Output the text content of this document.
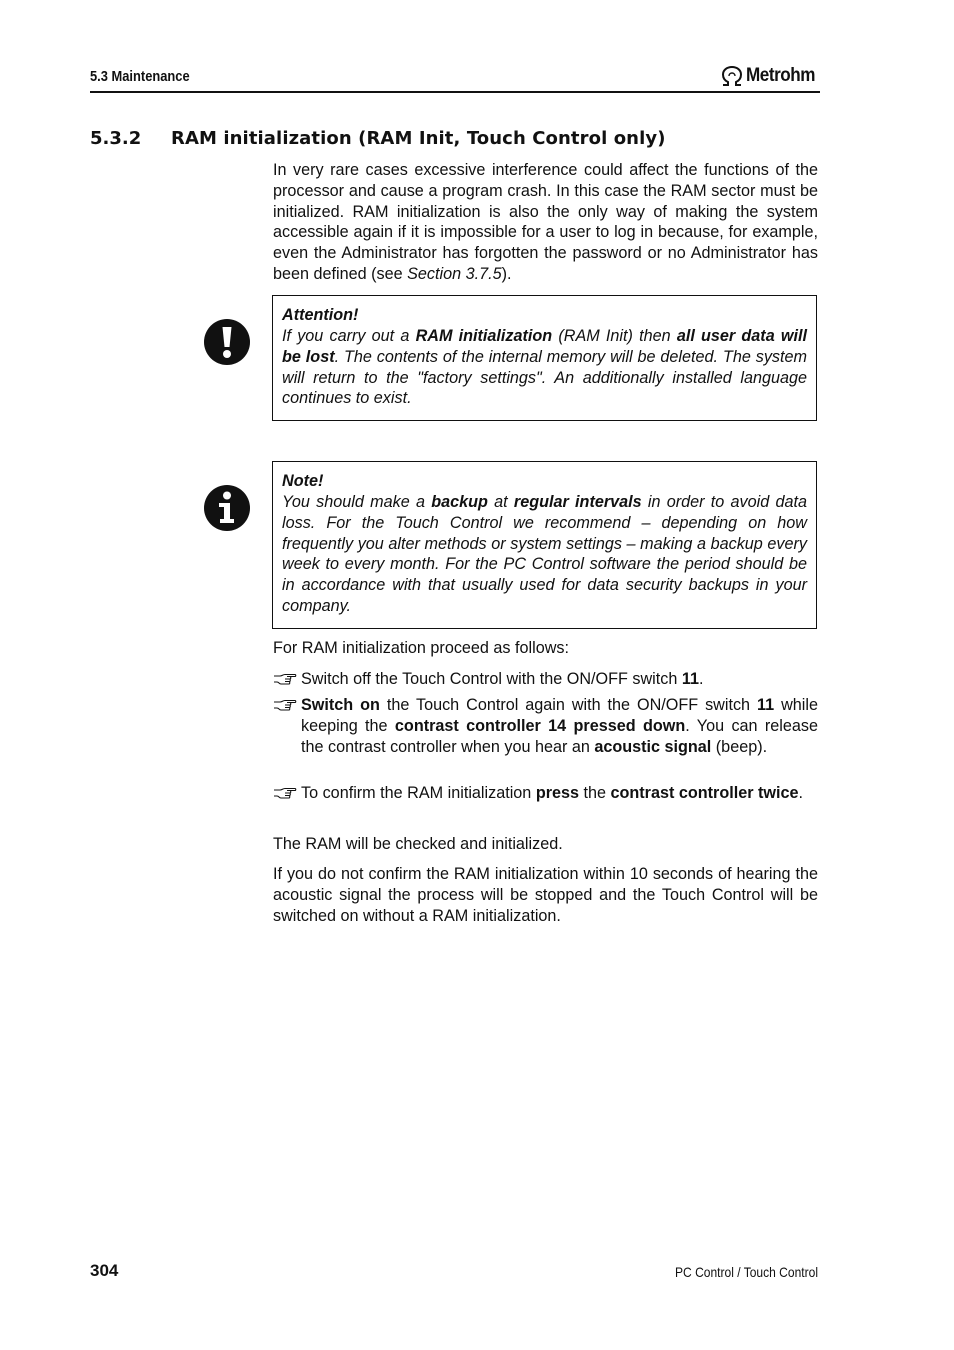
5.3 Maintenance	Metrohm
5.3.2 RAM initialization (RAM Init, Touch Control only)
In very rare cases excessive interference could affect the functions of the processor and cause a program crash. In this case the RAM sector must be initialized. RAM initialization is also the only way of making the system accessible again if it is impossible for a user to log in because, for example, even the Administrator has forgotten the password or no Administrator has been defined (see Section 3.7.5).
Attention!
If you carry out a RAM initialization (RAM Init) then all user data will be lost. The contents of the internal memory will be deleted. The system will return to the "factory settings". An additionally installed language continues to exist.
Note!
You should make a backup at regular intervals in order to avoid data loss. For the Touch Control we recommend – depending on how frequently you alter methods or system settings – making a backup every week to every month. For the PC Control software the period should be in accordance with that usually used for data security backups in your company.
For RAM initialization proceed as follows:
Switch off the Touch Control with the ON/OFF switch 11.
Switch on the Touch Control again with the ON/OFF switch 11 while keeping the contrast controller 14 pressed down. You can release the contrast controller when you hear an acoustic signal (beep).
To confirm the RAM initialization press the contrast controller twice.
The RAM will be checked and initialized.
If you do not confirm the RAM initialization within 10 seconds of hearing the acoustic signal the process will be stopped and the Touch Control will be switched on without a RAM initialization.
304	PC Control / Touch Control
